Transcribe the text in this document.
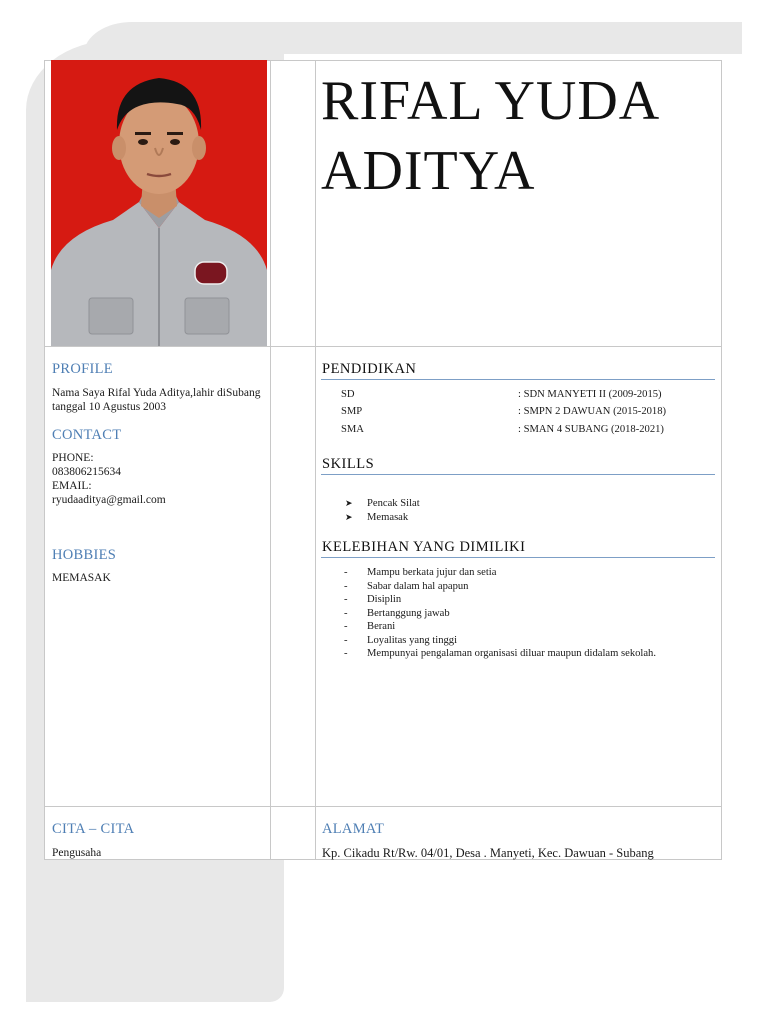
RIFAL YUDA
ADITYA
PROFILE
Nama Saya Rifal Yuda Aditya,lahir diSubang
tanggal 10 Agustus 2003
CONTACT
PHONE:
083806215634
EMAIL:
ryudaaditya@gmail.com
HOBBIES
MEMASAK
CITA – CITA
Pengusaha
PENDIDIKAN
SD	: SDN MANYETI II (2009-2015)
SMP	: SMPN 2 DAWUAN (2015-2018)
SMA	: SMAN 4 SUBANG (2018-2021)
SKILLS
➤ Pencak Silat
➤ Memasak
KELEBIHAN YANG DIMILIKI
- Mampu berkata jujur dan setia
- Sabar dalam hal apapun
- Disiplin
- Bertanggung jawab
- Berani
- Loyalitas yang tinggi
- Mempunyai pengalaman organisasi diluar maupun didalam sekolah.
ALAMAT
Kp. Cikadu Rt/Rw. 04/01, Desa . Manyeti, Kec. Dawuan - Subang
